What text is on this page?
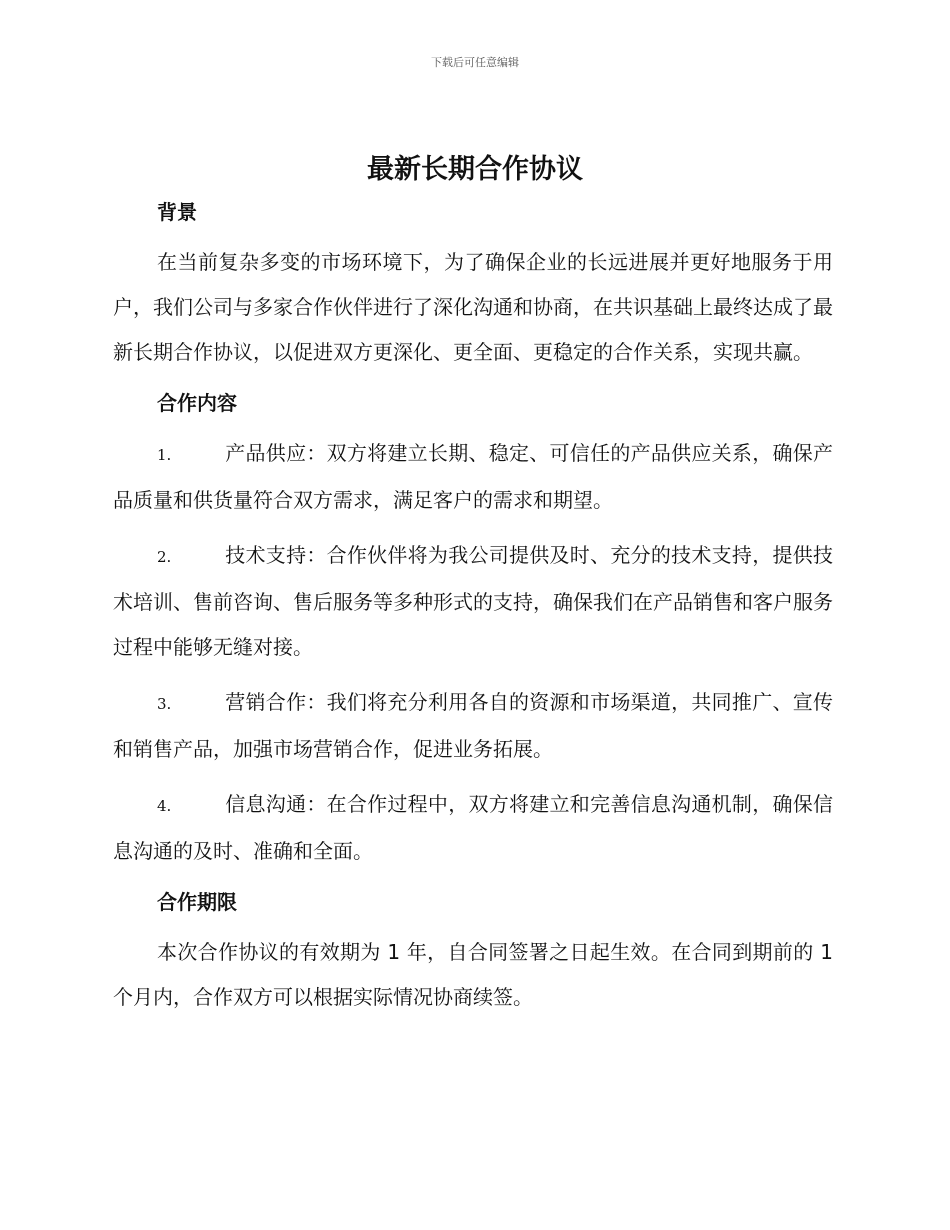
下载后可任意编辑
最新长期合作协议
背景

在当前复杂多变的市场环境下，为了确保企业的长远进展并更好地服务于用户，我们公司与多家合作伙伴进行了深化沟通和协商，在共识基础上最终达成了最新长期合作协议，以促进双方更深化、更全面、更稳定的合作关系，实现共赢。

合作内容

1.	产品供应：双方将建立长期、稳定、可信任的产品供应关系，确保产品质量和供货量符合双方需求，满足客户的需求和期望。

2.	技术支持：合作伙伴将为我公司提供及时、充分的技术支持，提供技术培训、售前咨询、售后服务等多种形式的支持，确保我们在产品销售和客户服务过程中能够无缝对接。

3.	营销合作：我们将充分利用各自的资源和市场渠道，共同推广、宣传和销售产品，加强市场营销合作，促进业务拓展。

4.	信息沟通：在合作过程中，双方将建立和完善信息沟通机制，确保信息沟通的及时、准确和全面。

合作期限

本次合作协议的有效期为 1 年，自合同签署之日起生效。在合同到期前的 1 个月内，合作双方可以根据实际情况协商续签。
